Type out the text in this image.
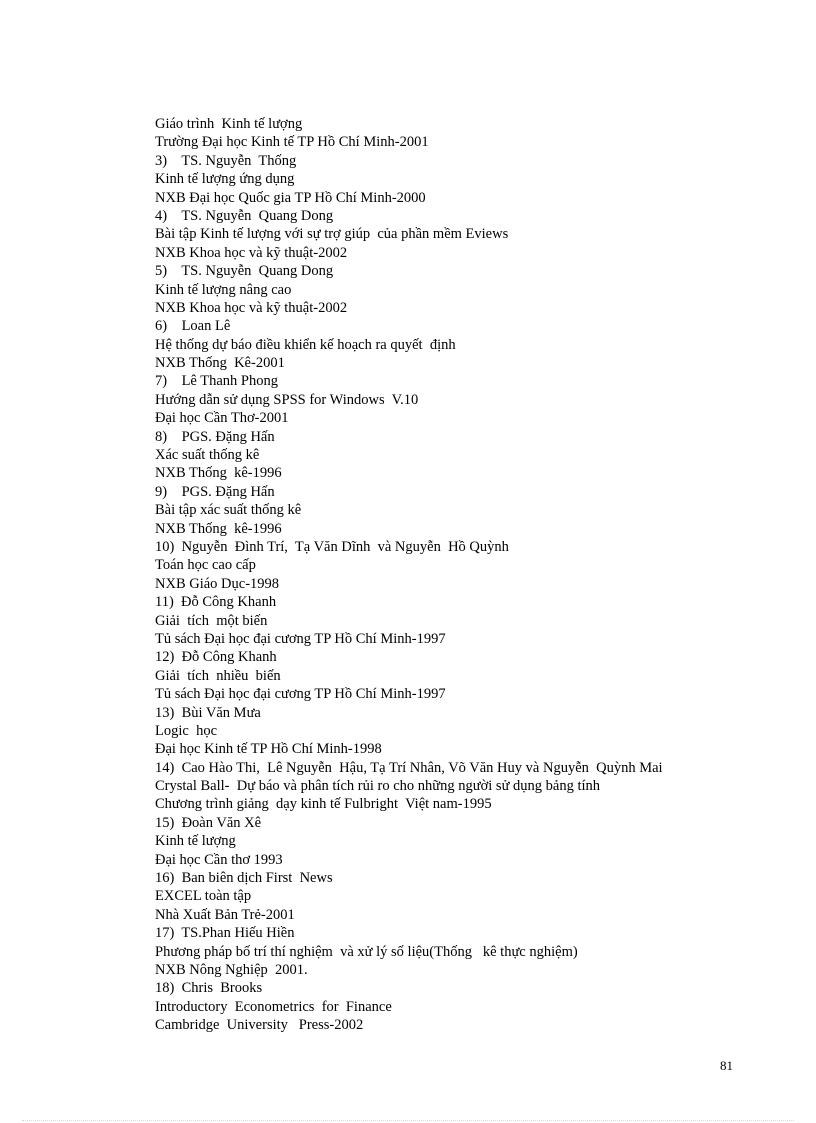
Giáo trình  Kinh tế lượng
Trường Đại học Kinh tế TP Hồ Chí Minh-2001
3)    TS. Nguyễn  Thống
Kinh tế lượng ứng dụng
NXB Đại học Quốc gia TP Hồ Chí Minh-2000
4)    TS. Nguyễn  Quang Dong
Bài tập Kinh tế lượng với sự trợ giúp  của phần mềm Eviews
NXB Khoa học và kỹ thuật-2002
5)    TS. Nguyễn  Quang Dong
Kinh tế lượng nâng cao
NXB Khoa học và kỹ thuật-2002
6)    Loan Lê
Hệ thống dự báo điều khiển kế hoạch ra quyết  định
NXB Thống  Kê-2001
7)    Lê Thanh Phong
Hướng dẫn sử dụng SPSS for Windows  V.10
Đại học Cần Thơ-2001
8)    PGS. Đặng Hấn
Xác suất thống kê
NXB Thống  kê-1996
9)    PGS. Đặng Hấn
Bài tập xác suất thống kê
NXB Thống  kê-1996
10)  Nguyễn  Đình Trí,  Tạ Văn Dĩnh  và Nguyễn  Hồ Quỳnh
Toán học cao cấp
NXB Giáo Dục-1998
11)  Đỗ Công Khanh
Giải  tích  một biến
Tủ sách Đại học đại cương TP Hồ Chí Minh-1997
12)  Đỗ Công Khanh
Giải  tích  nhiều  biến
Tủ sách Đại học đại cương TP Hồ Chí Minh-1997
13)  Bùi Văn Mưa
Logic  học
Đại học Kinh tế TP Hồ Chí Minh-1998
14)  Cao Hào Thi,  Lê Nguyễn  Hậu, Tạ Trí Nhân, Võ Văn Huy và Nguyễn  Quỳnh Mai
Crystal Ball-  Dự báo và phân tích rủi ro cho những người sử dụng bảng tính
Chương trình giảng  dạy kinh tế Fulbright  Việt nam-1995
15)  Đoàn Văn Xê
Kinh tế lượng
Đại học Cần thơ 1993
16)  Ban biên dịch First  News
EXCEL toàn tập
Nhà Xuất Bản Trẻ-2001
17)  TS.Phan Hiếu Hiền
Phương pháp bố trí thí nghiệm  và xử lý số liệu(Thống   kê thực nghiệm)
NXB Nông Nghiệp  2001.
18)  Chris  Brooks
Introductory  Econometrics  for  Finance
Cambridge  University   Press-2002
81
